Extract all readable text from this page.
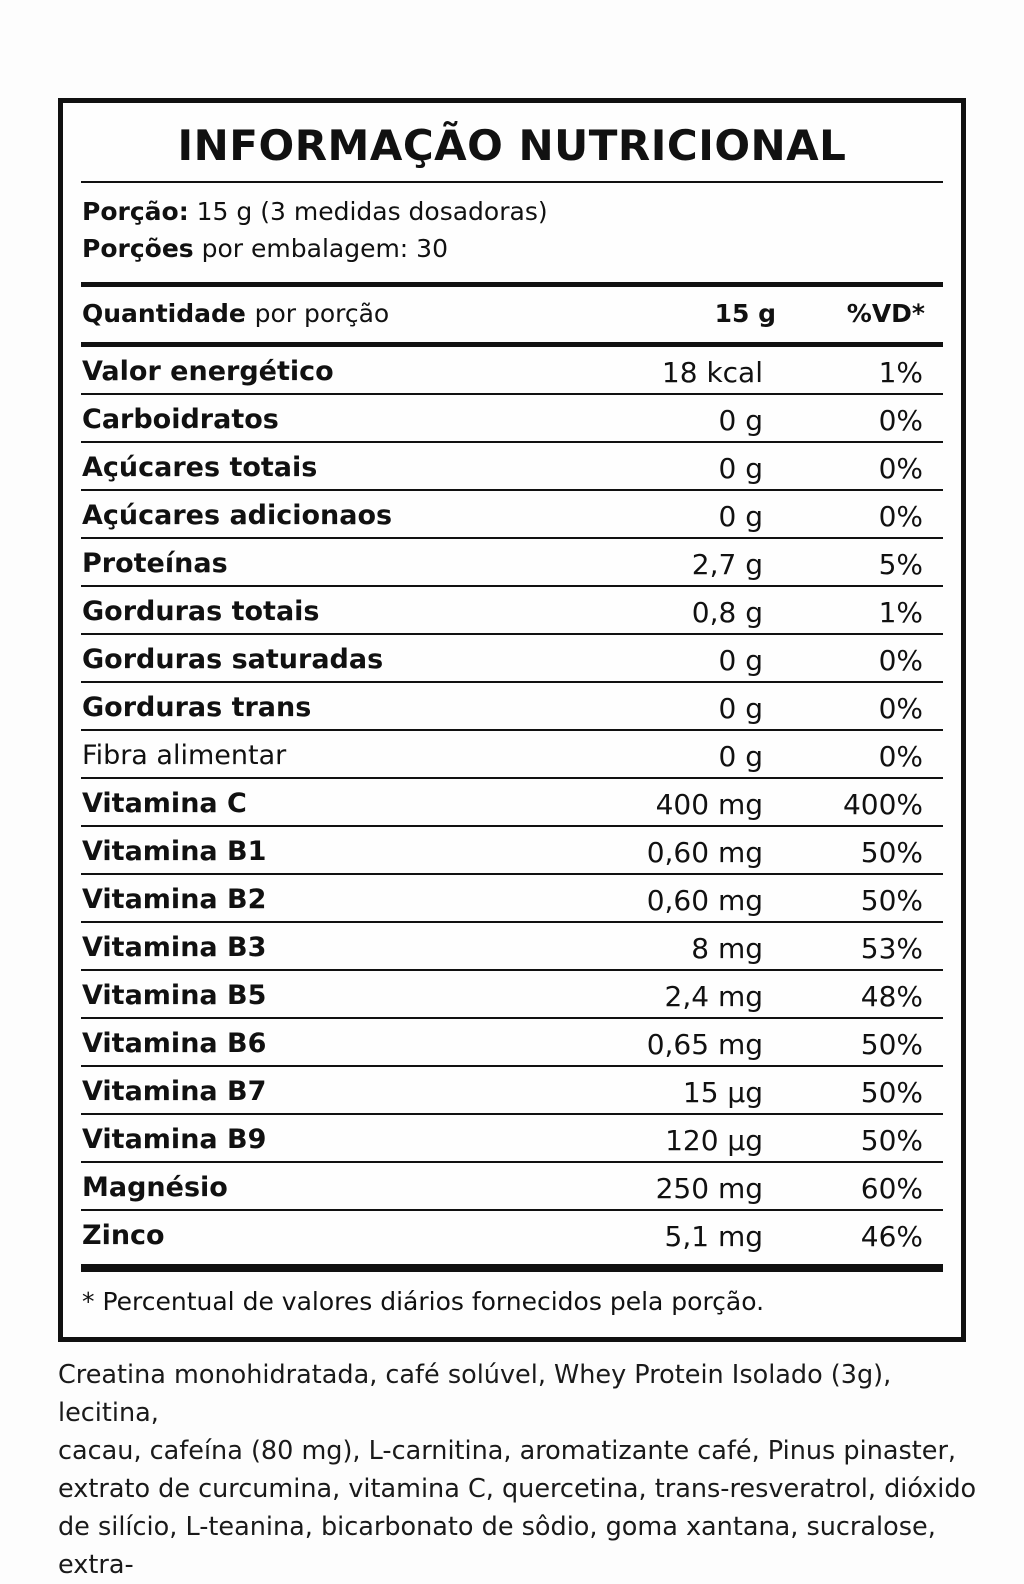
INFORMAÇÃO NUTRICIONAL
Porção: 15 g (3 medidas dosadoras)
Porções por embalagem: 30
Quantidade por porção	15 g	%VD*
Valor energético	18 kcal	1%
Carboidratos	0 g	0%
Açúcares totais	0 g	0%
Açúcares adicionaos	0 g	0%
Proteínas	2,7 g	5%
Gorduras totais	0,8 g	1%
Gorduras saturadas	0 g	0%
Gorduras trans	0 g	0%
Fibra alimentar	0 g	0%
Vitamina C	400 mg	400%
Vitamina B1	0,60 mg	50%
Vitamina B2	0,60 mg	50%
Vitamina B3	8 mg	53%
Vitamina B5	2,4 mg	48%
Vitamina B6	0,65 mg	50%
Vitamina B7	15 µg	50%
Vitamina B9	120 µg	50%
Magnésio	250 mg	60%
Zinco	5,1 mg	46%
* Percentual de valores diários fornecidos pela porção.
Creatina monohidratada, café solúvel, Whey Protein Isolado (3g), lecitina,
cacau, cafeína (80 mg), L-carnitina, aromatizante café, Pinus pinaster,
extrato de curcumina, vitamina C, quercetina, trans-resveratrol, dióxido
de silício, L-teanina, bicarbonato de sôdio, goma xantana, sucralose, extra-
